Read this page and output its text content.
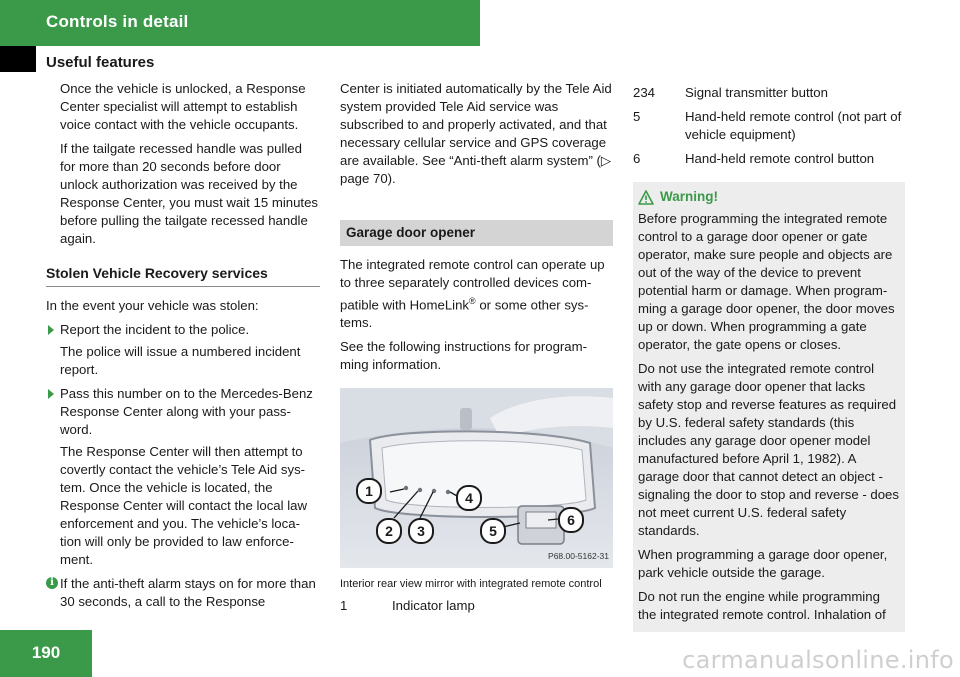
Controls in detail
Useful features

Once the vehicle is unlocked, a Response Center specialist will attempt to establish voice contact with the vehicle occupants.

If the tailgate recessed handle was pulled for more than 20 seconds before door unlock authorization was received by the Response Center, you must wait 15 minutes before pulling the tailgate recessed handle again.

Stolen Vehicle Recovery services

In the event your vehicle was stolen:

Report the incident to the police.

The police will issue a numbered incident report.

Pass this number on to the Mercedes-Benz Response Center along with your pass-word.

The Response Center will then attempt to covertly contact the vehicle’s Tele Aid sys-tem. Once the vehicle is located, the Response Center will contact the local law enforcement and you. The vehicle’s loca-tion will only be provided to law enforce-ment.

i If the anti-theft alarm stays on for more than 30 seconds, a call to the Response

Center is initiated automatically by the Tele Aid system provided Tele Aid service was subscribed to and properly activated, and that necessary cellular service and GPS coverage are available. See “Anti-theft alarm system” (▷ page 70).

Garage door opener

The integrated remote control can operate up to three separately controlled devices com-patible with HomeLink® or some other sys-tems.

See the following instructions for program-ming information.

1
2	3
4
5
6
P68.00-5162-31
Interior rear view mirror with integrated remote control
1	Indicator lamp
234	Signal transmitter button
5	Hand-held remote control (not part of vehicle equipment)
6	Hand-held remote control button
Warning!

Before programming the integrated remote control to a garage door opener or gate operator, make sure people and objects are out of the way of the device to prevent potential harm or damage. When program-ming a garage door opener, the door moves up or down. When programming a gate operator, the gate opens or closes.

Do not use the integrated remote control with any garage door opener that lacks safety stop and reverse features as required by U.S. federal safety standards (this includes any garage door opener model manufactured before April 1, 1982). A garage door that cannot detect an object - signaling the door to stop and reverse - does not meet current U.S. federal safety standards.

When programming a garage door opener, park vehicle outside the garage.

Do not run the engine while programming the integrated remote control. Inhalation of

190	carmanualsonline.info
